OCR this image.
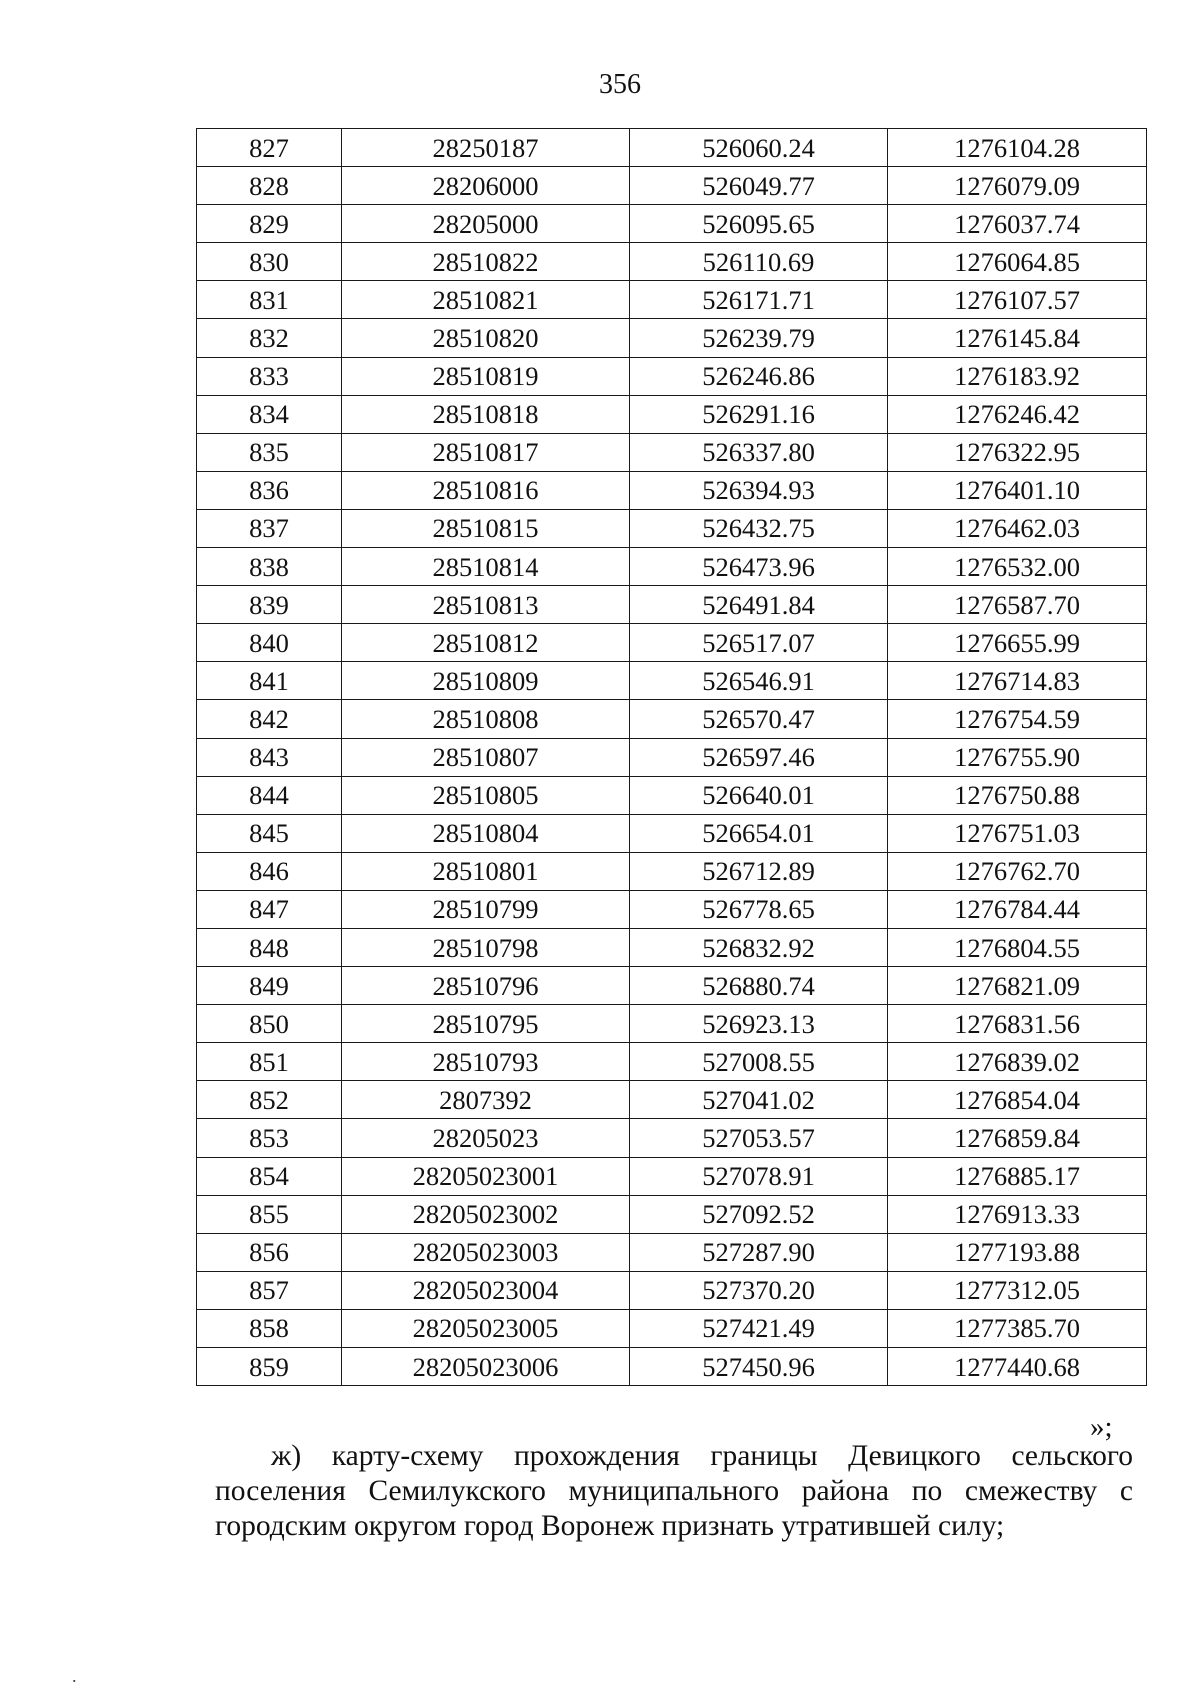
356
827	28250187	526060.24	1276104.28
828	28206000	526049.77	1276079.09
829	28205000	526095.65	1276037.74
830	28510822	526110.69	1276064.85
831	28510821	526171.71	1276107.57
832	28510820	526239.79	1276145.84
833	28510819	526246.86	1276183.92
834	28510818	526291.16	1276246.42
835	28510817	526337.80	1276322.95
836	28510816	526394.93	1276401.10
837	28510815	526432.75	1276462.03
838	28510814	526473.96	1276532.00
839	28510813	526491.84	1276587.70
840	28510812	526517.07	1276655.99
841	28510809	526546.91	1276714.83
842	28510808	526570.47	1276754.59
843	28510807	526597.46	1276755.90
844	28510805	526640.01	1276750.88
845	28510804	526654.01	1276751.03
846	28510801	526712.89	1276762.70
847	28510799	526778.65	1276784.44
848	28510798	526832.92	1276804.55
849	28510796	526880.74	1276821.09
850	28510795	526923.13	1276831.56
851	28510793	527008.55	1276839.02
852	2807392	527041.02	1276854.04
853	28205023	527053.57	1276859.84
854	28205023001	527078.91	1276885.17
855	28205023002	527092.52	1276913.33
856	28205023003	527287.90	1277193.88
857	28205023004	527370.20	1277312.05
858	28205023005	527421.49	1277385.70
859	28205023006	527450.96	1277440.68
»;

ж) карту-схему прохождения границы Девицкого сельского поселения Семилукского муниципального района по смежеству с городским округом город Воронеж признать утратившей силу;

.
